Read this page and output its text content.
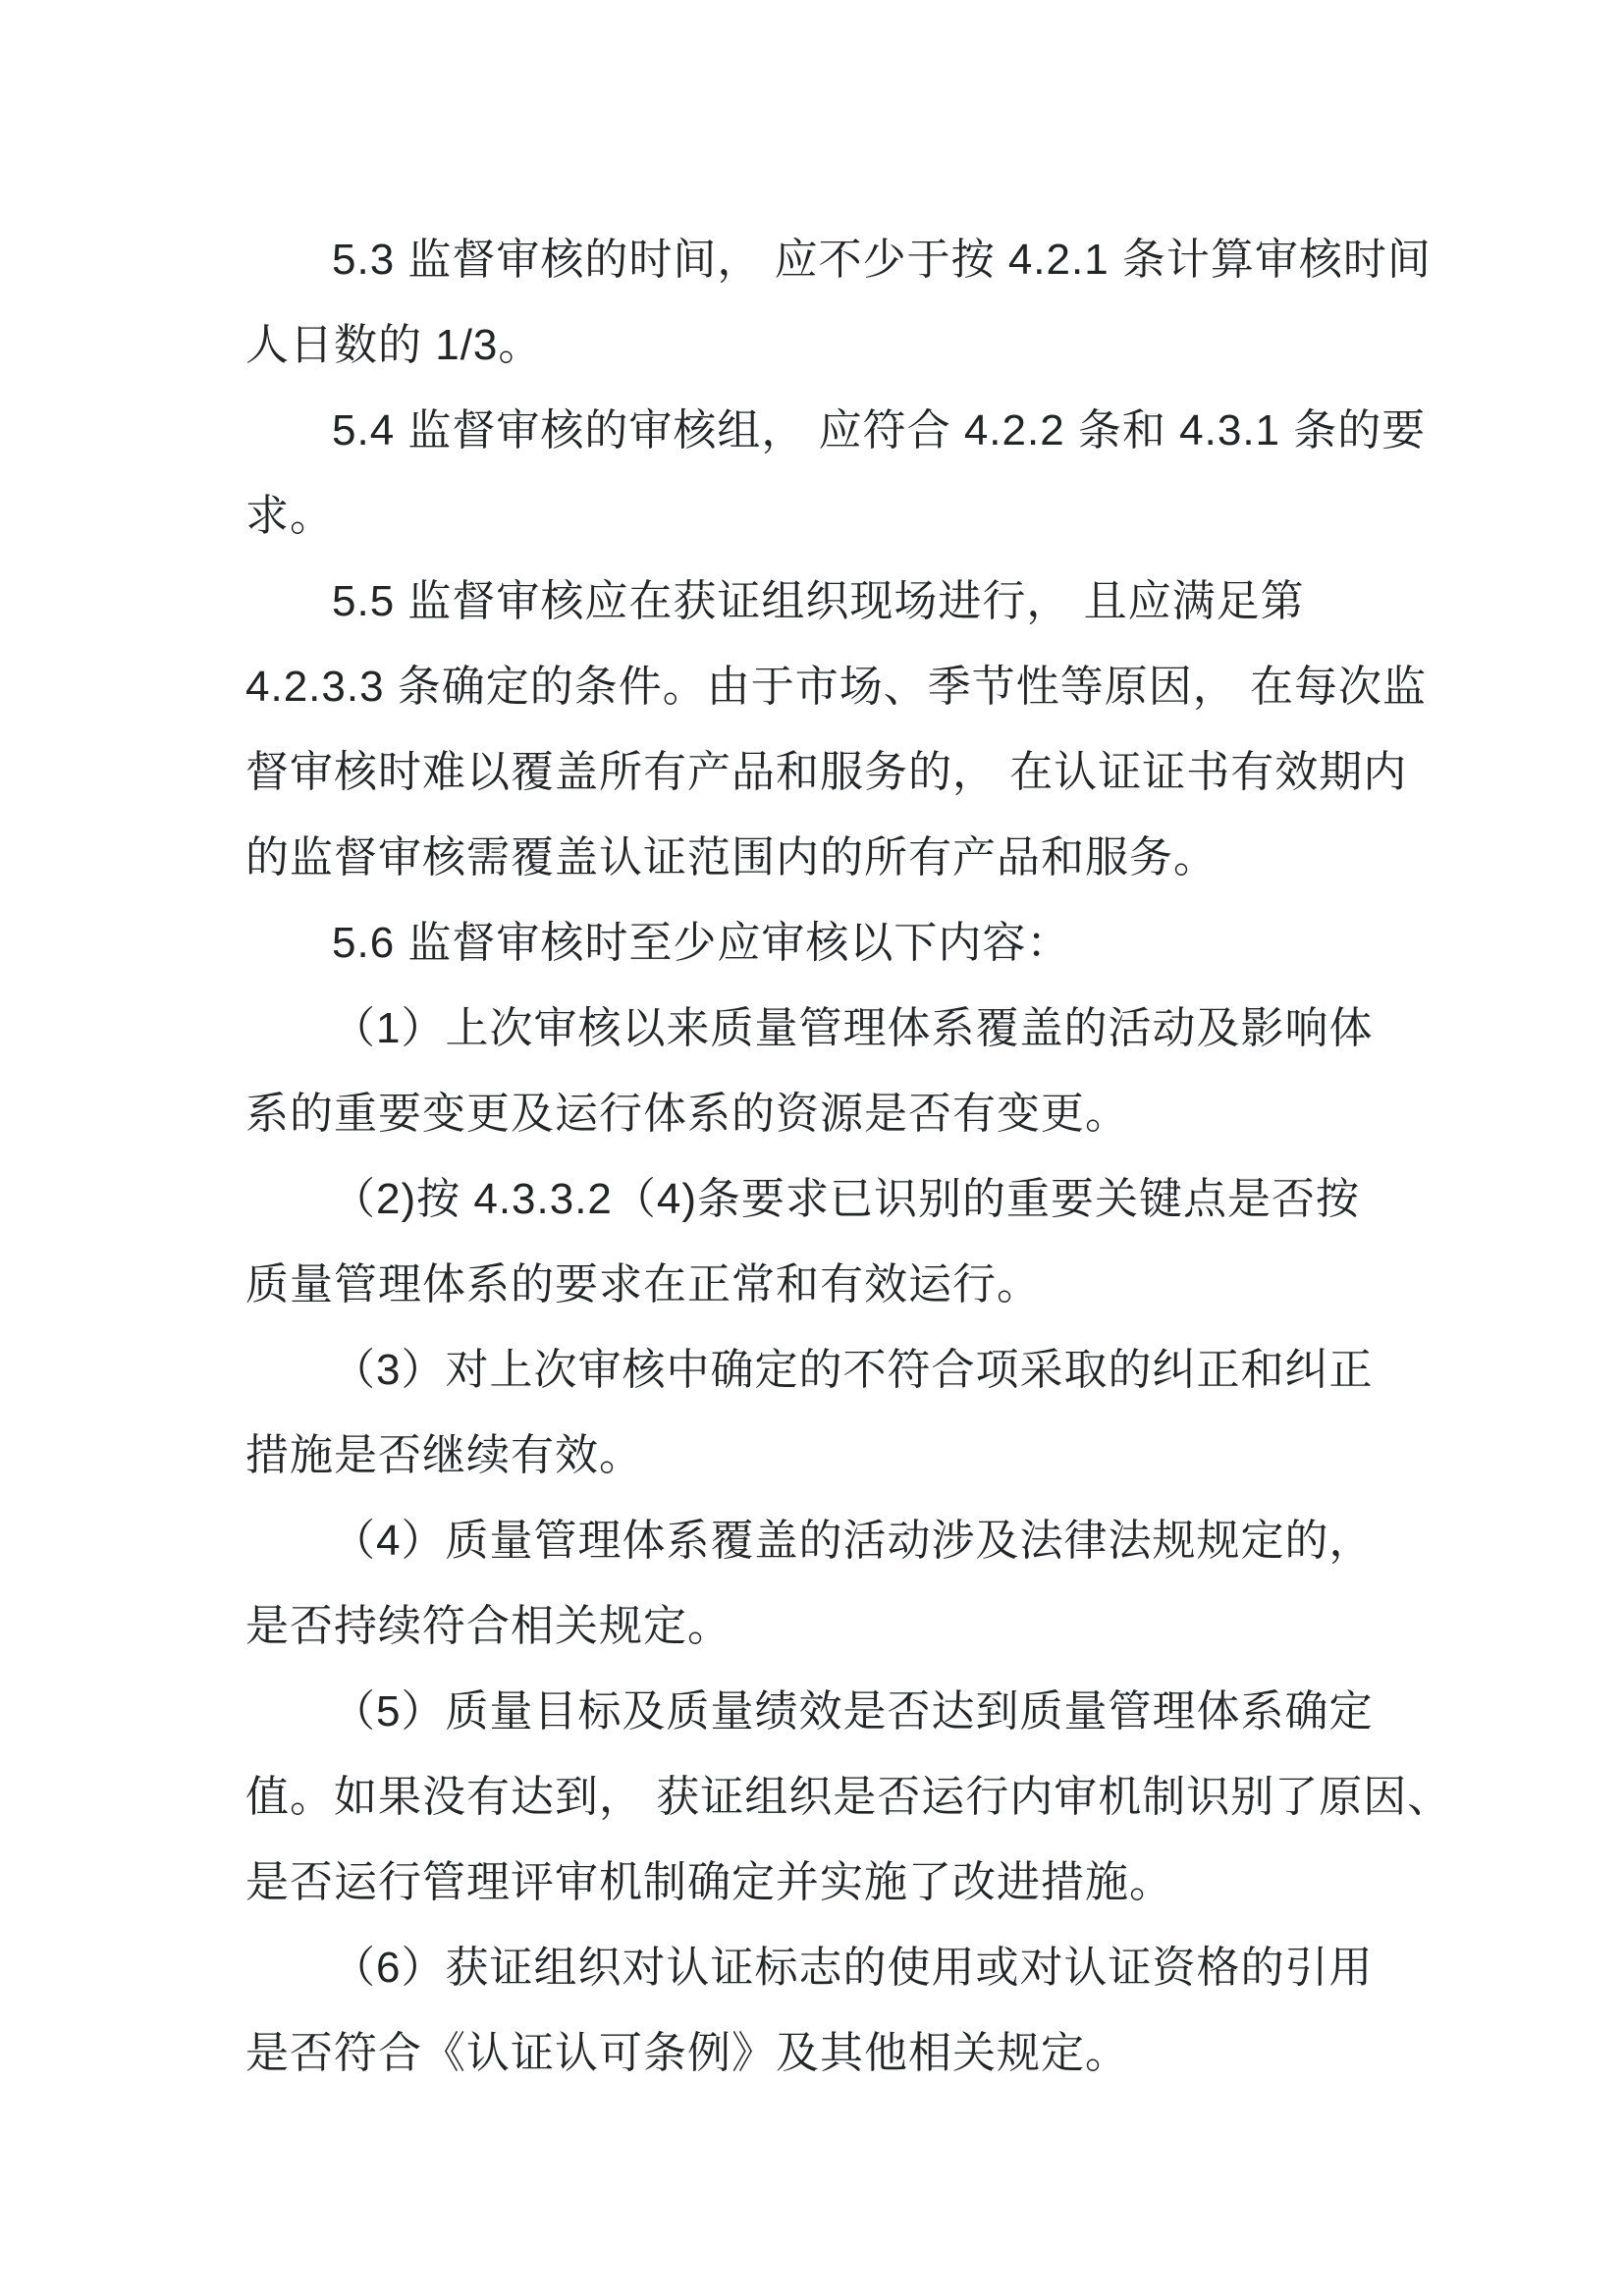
5.3 监督审核的时间， 应不少于按 4.2.1 条计算审核时间
人日数的 1/3。
5.4 监督审核的审核组， 应符合 4.2.2 条和 4.3.1 条的要
求。
5.5 监督审核应在获证组织现场进行， 且应满足第
4.2.3.3 条确定的条件。由于市场、季节性等原因， 在每次监
督审核时难以覆盖所有产品和服务的， 在认证证书有效期内
的监督审核需覆盖认证范围内的所有产品和服务。
5.6 监督审核时至少应审核以下内容：
（1）上次审核以来质量管理体系覆盖的活动及影响体
系的重要变更及运行体系的资源是否有变更。
（2)按 4.3.3.2（4)条要求已识别的重要关键点是否按
质量管理体系的要求在正常和有效运行。
（3）对上次审核中确定的不符合项采取的纠正和纠正
措施是否继续有效。
（4）质量管理体系覆盖的活动涉及法律法规规定的，
是否持续符合相关规定。
（5）质量目标及质量绩效是否达到质量管理体系确定
值。如果没有达到， 获证组织是否运行内审机制识别了原因、
是否运行管理评审机制确定并实施了改进措施。
（6）获证组织对认证标志的使用或对认证资格的引用
是否符合《认证认可条例》及其他相关规定。
